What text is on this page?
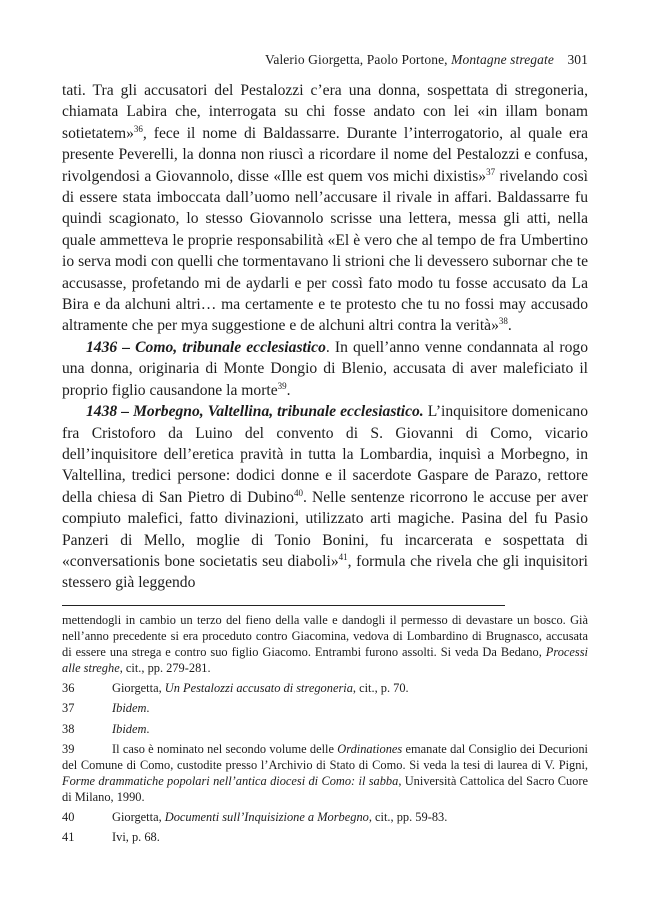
Valerio Giorgetta, Paolo Portone, Montagne stregate 301

tati. Tra gli accusatori del Pestalozzi c’era una donna, sospettata di stregoneria, chiamata Labira che, interrogata su chi fosse andato con lei «in illam bonam sotietatem»$^{36}$, fece il nome di Baldassarre. Durante l’interrogatorio, al quale era presente Peverelli, la donna non riuscì a ricordare il nome del Pestalozzi e confusa, rivolgendosi a Giovannolo, disse «Ille est quem vos michi dixistis»$^{37}$ rivelando così di essere stata imboccata dall’uomo nell’accusare il rivale in affari. Baldassarre fu quindi scagionato, lo stesso Giovannolo scrisse una lettera, messa gli atti, nella quale ammetteva le proprie responsabilità «El è vero che al tempo de fra Umbertino io serva modi con quelli che tormentavano li strioni che li devessero subornar che te accusasse, profetando mi de aydarli e per cossì fato modo tu fosse accusato da La Bira e da alchuni altri… ma certamente e te protesto che tu no fossi may accusado altramente che per mya suggestione e de alchuni altri contra la verità»$^{38}$.

1436 – Como, tribunale ecclesiastico. In quell’anno venne condannata al rogo una donna, originaria di Monte Dongio di Blenio, accusata di aver maleficiato il proprio figlio causandone la morte$^{39}$.

1438 – Morbegno, Valtellina, tribunale ecclesiastico. L’inquisitore domenicano fra Cristoforo da Luino del convento di S. Giovanni di Como, vicario dell’inquisitore dell’eretica pravità in tutta la Lombardia, inquisì a Morbegno, in Valtellina, tredici persone: dodici donne e il sacerdote Gaspare de Parazo, rettore della chiesa di San Pietro di Dubino$^{40}$. Nelle sentenze ricorrono le accuse per aver compiuto malefici, fatto divinazioni, utilizzato arti magiche. Pasina del fu Pasio Panzeri di Mello, moglie di Tonio Bonini, fu incarcerata e sospettata di «conversationis bone societatis seu diaboli»$^{41}$, formula che rivela che gli inquisitori stessero già leggendo

mettendogli in cambio un terzo del fieno della valle e dandogli il permesso di devastare un bosco. Già nell’anno precedente si era proceduto contro Giacomina, vedova di Lombardino di Brugnasco, accusata di essere una strega e contro suo figlio Giacomo. Entrambi furono assolti. Si veda Da Bedano, Processi alle streghe, cit., pp. 279-281.

36	Giorgetta, Un Pestalozzi accusato di stregoneria, cit., p. 70.

37	Ibidem.

38	Ibidem.

39	Il caso è nominato nel secondo volume delle Ordinationes emanate dal Consiglio dei Decurioni del Comune di Como, custodite presso l’Archivio di Stato di Como. Si veda la tesi di laurea di V. Pigni, Forme drammatiche popolari nell’antica diocesi di Como: il sabba, Università Cattolica del Sacro Cuore di Milano, 1990.

40	Giorgetta, Documenti sull’Inquisizione a Morbegno, cit., pp. 59-83.

41	Ivi, p. 68.
